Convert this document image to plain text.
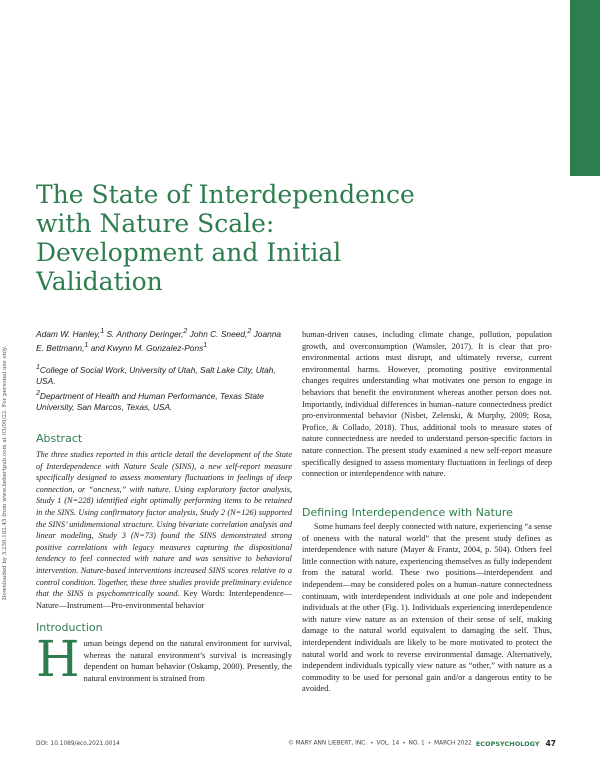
Downloaded by 3.238.182.45 from www.liebertpub.com at 03/09/22. For personal use only.
The State of Interdependence
with Nature Scale:
Development and Initial Validation
Adam W. Hanley,$^1$ S. Anthony Deringer,$^2$ John C. Sneed,$^2$ Joanna E. Bettmann,$^1$ and Kwynn M. Gonzalez-Pons$^1$
$^1$College of Social Work, University of Utah, Salt Lake City, Utah, USA.
$^2$Department of Health and Human Performance, Texas State University, San Marcos, Texas, USA.
Abstract
The three studies reported in this article detail the development of the State of Interdependence with Nature Scale (SINS), a new self-report measure specifically designed to assess momentary fluctuations in feelings of deep connection, or “oncness,” with nature. Using exploratory factor analysis, Study 1 (N=228) identified eight optimally performing items to be retained in the SINS. Using confirmatory factor analysis, Study 2 (N=126) supported the SINS’ unidimensional structure. Using bivariate correlation analysis and linear modeling, Study 3 (N=73) found the SINS demonstrated strong positive correlations with legacy measures capturing the dispositional tendency to feel connected with nature and was sensitive to behavioral intervention. Nature-based interventions increased SINS scores relative to a control condition. Together, these three studies provide preliminary evidence that the SINS is psychometrically sound. Key Words: Interdependence—Nature—Instrument—Pro-environmental behavior
Introduction
Human beings depend on the natural environment for survival, whereas the natural environment’s survival is increasingly dependent on human behavior (Oskamp, 2000). Presently, the natural environment is strained from

human-driven causes, including climate change, pollution, population growth, and overconsumption (Wamsler, 2017). It is clear that pro-environmental actions must disrupt, and ultimately reverse, current environmental harms. However, promoting positive environmental changes requires understanding what motivates one person to engage in behaviors that benefit the environment whereas another person does not. Importantly, individual differences in human–nature connectedness predict pro-environmental behavior (Nisbet, Zelenski, & Murphy, 2009; Rosa, Profice, & Collado, 2018). Thus, additional tools to measure states of nature connectedness are needed to understand person-specific factors in nature connection. The present study examined a new self-report measure specifically designed to assess momentary fluctuations in feelings of deep connection or interdependence with nature.

Defining Interdependence with Nature

Some humans feel deeply connected with nature, experiencing “a sense of oneness with the natural world” that the present study defines as interdependence with nature (Mayer & Frantz, 2004, p. 504). Others feel little connection with nature, experiencing themselves as fully independent from the natural world. These two positions—interdependent and independent—may be considered poles on a human–nature connectedness continuum, with interdependent individuals at one pole and independent individuals at the other (Fig. 1). Individuals experiencing interdependence with nature view nature as an extension of their sense of self, making damage to the natural world equivalent to damaging the self. Thus, interdependent individuals are likely to be more motivated to protect the natural world and work to reverse environmental damage. Alternatively, independent individuals typically view nature as “other,” with nature as a commodity to be used for personal gain and/or a dangerous entity to be avoided.

DOI: 10.1089/eco.2021.0014	© MARY ANN LIEBERT, INC. • VOL. 14 • NO. 1 • MARCH 2022 ECOPSYCHOLOGY 47
